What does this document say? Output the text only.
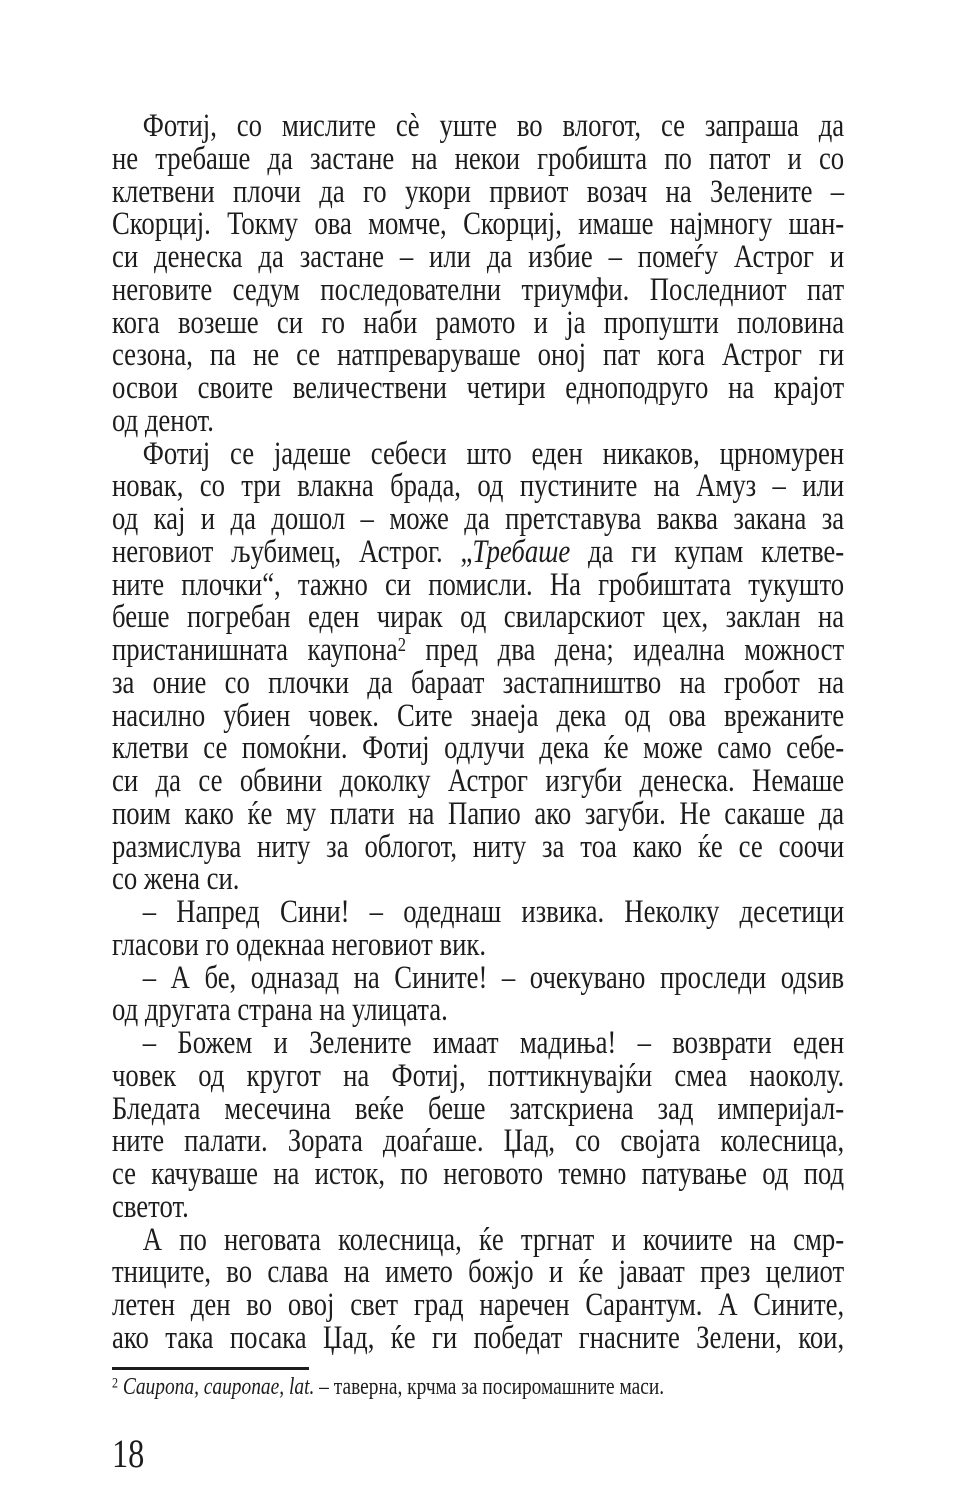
Фотиј, со мислите сè уште во влогот, се запраша да
не требаше да застане на некои гробишта по патот и со
клетвени плочи да го укори првиот возач на Зелените –
Скорциј. Токму ова момче, Скорциј, имаше најмногу шан-
си денеска да застане – или да избие – помеѓу Астрог и
неговите седум последователни триумфи. Последниот пат
кога возеше си го наби рамото и ја пропушти половина
сезона, па не се натпреваруваше оној пат кога Астрог ги
освои своите величествени четири едноподруго на крајот
од денот.
Фотиј се јадеше себеси што еден никаков, црномурен
новак, со три влакна брада, од пустините на Амуз – или
од кај и да дошол – може да претставува ваква закана за
неговиот љубимец, Астрог. „Требаше да ги купам клетве-
ните плочки“, тажно си помисли. На гробиштата тукушто
беше погребан еден чирак од свиларскиот цех, заклан на
пристанишната каупона$^2$ пред два дена; идеална можност
за оние со плочки да бараат застапништво на гробот на
насилно убиен човек. Сите знаеја дека од ова врежаните
клетви се помоќни. Фотиј одлучи дека ќе може само себе-
си да се обвини доколку Астрог изгуби денеска. Немаше
поим како ќе му плати на Папио ако загуби. Не сакаше да
размислува ниту за облогот, ниту за тоа како ќе се соочи
со жена си.
– Напред Сини! – одеднаш извика. Неколку десетици
гласови го одекнаа неговиот вик.
– А бе, одназад на Сините! – очекувано проследи одѕив
од другата страна на улицата.
– Божем и Зелените имаат мадиња! – возврати еден
човек од кругот на Фотиј, поттикнувајќи смеа наоколу.
Бледата месечина веќе беше затскриена зад империјал-
ните палати. Зората доаѓаше. Џад, со својата колесница,
се качуваше на исток, по неговото темно патување од под
светот.
А по неговата колесница, ќе тргнат и кочиите на смр-
тниците, во слава на името божјо и ќе јаваат през целиот
летен ден во овој свет град наречен Сарантум. А Сините,
ако така посака Џад, ќе ги победат гнасните Зелени, кои,
$^2$ Caupona, cauponae, lat. – таверна, крчма за посиромашните маси.
18
